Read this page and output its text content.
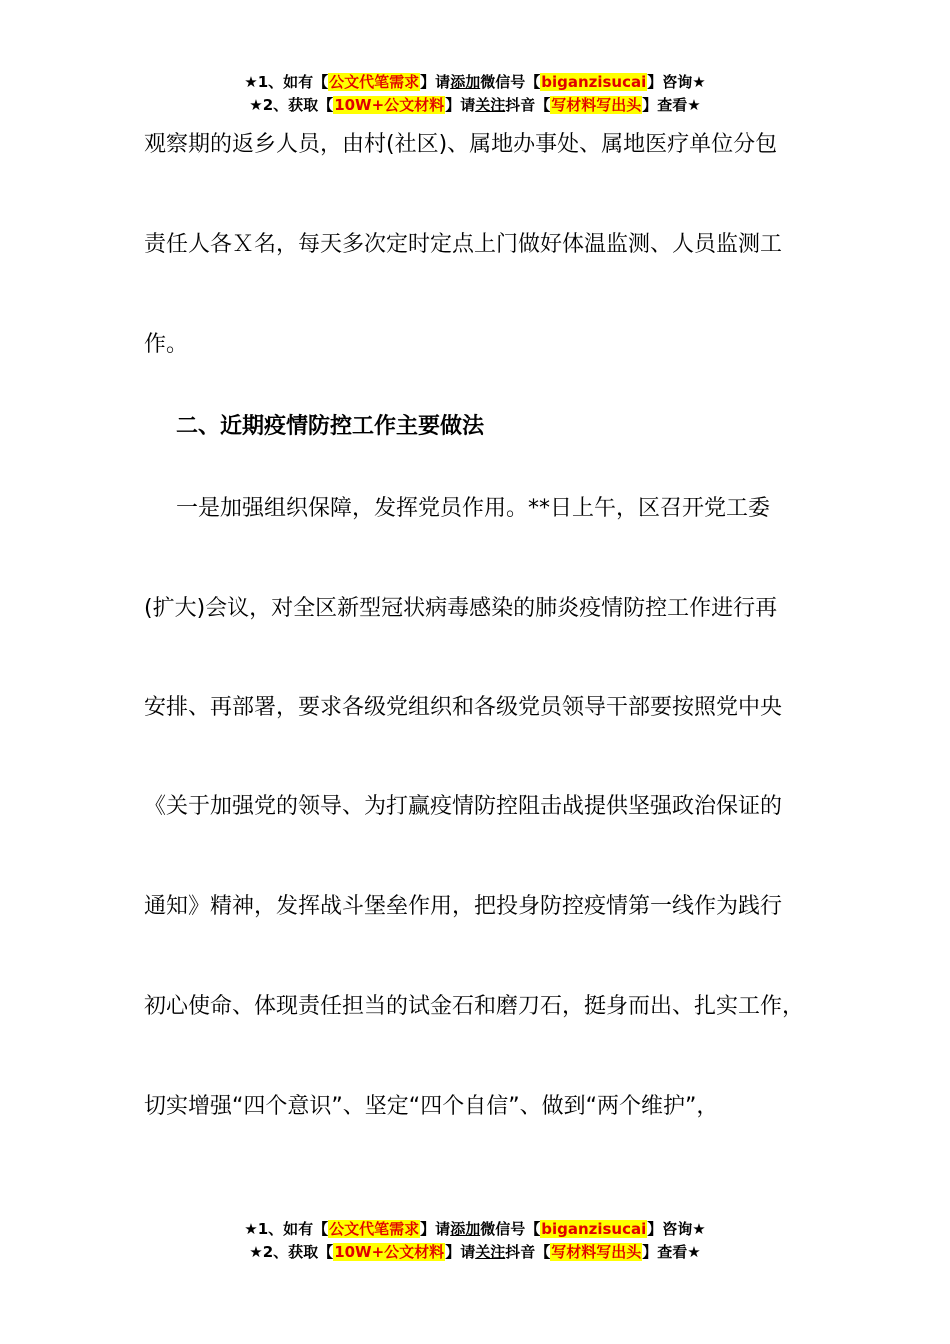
★1、如有【公文代笔需求】请添加微信号【biganzisucai】咨询★
★2、获取【10W+公文材料】请关注抖音【写材料写出头】查看★
观察期的返乡人员，由村(社区)、属地办事处、属地医疗单位分包
责任人各Ｘ名，每天多次定时定点上门做好体温监测、人员监测工
作。
二、近期疫情防控工作主要做法
一是加强组织保障，发挥党员作用。**日上午，区召开党工委
(扩大)会议，对全区新型冠状病毒感染的肺炎疫情防控工作进行再
安排、再部署，要求各级党组织和各级党员领导干部要按照党中央
《关于加强党的领导、为打赢疫情防控阻击战提供坚强政治保证的
通知》精神，发挥战斗堡垒作用，把投身防控疫情第一线作为践行
初心使命、体现责任担当的试金石和磨刀石，挺身而出、扎实工作，
切实增强“四个意识”、坚定“四个自信”、做到“两个维护”，
★1、如有【公文代笔需求】请添加微信号【biganzisucai】咨询★
★2、获取【10W+公文材料】请关注抖音【写材料写出头】查看★
